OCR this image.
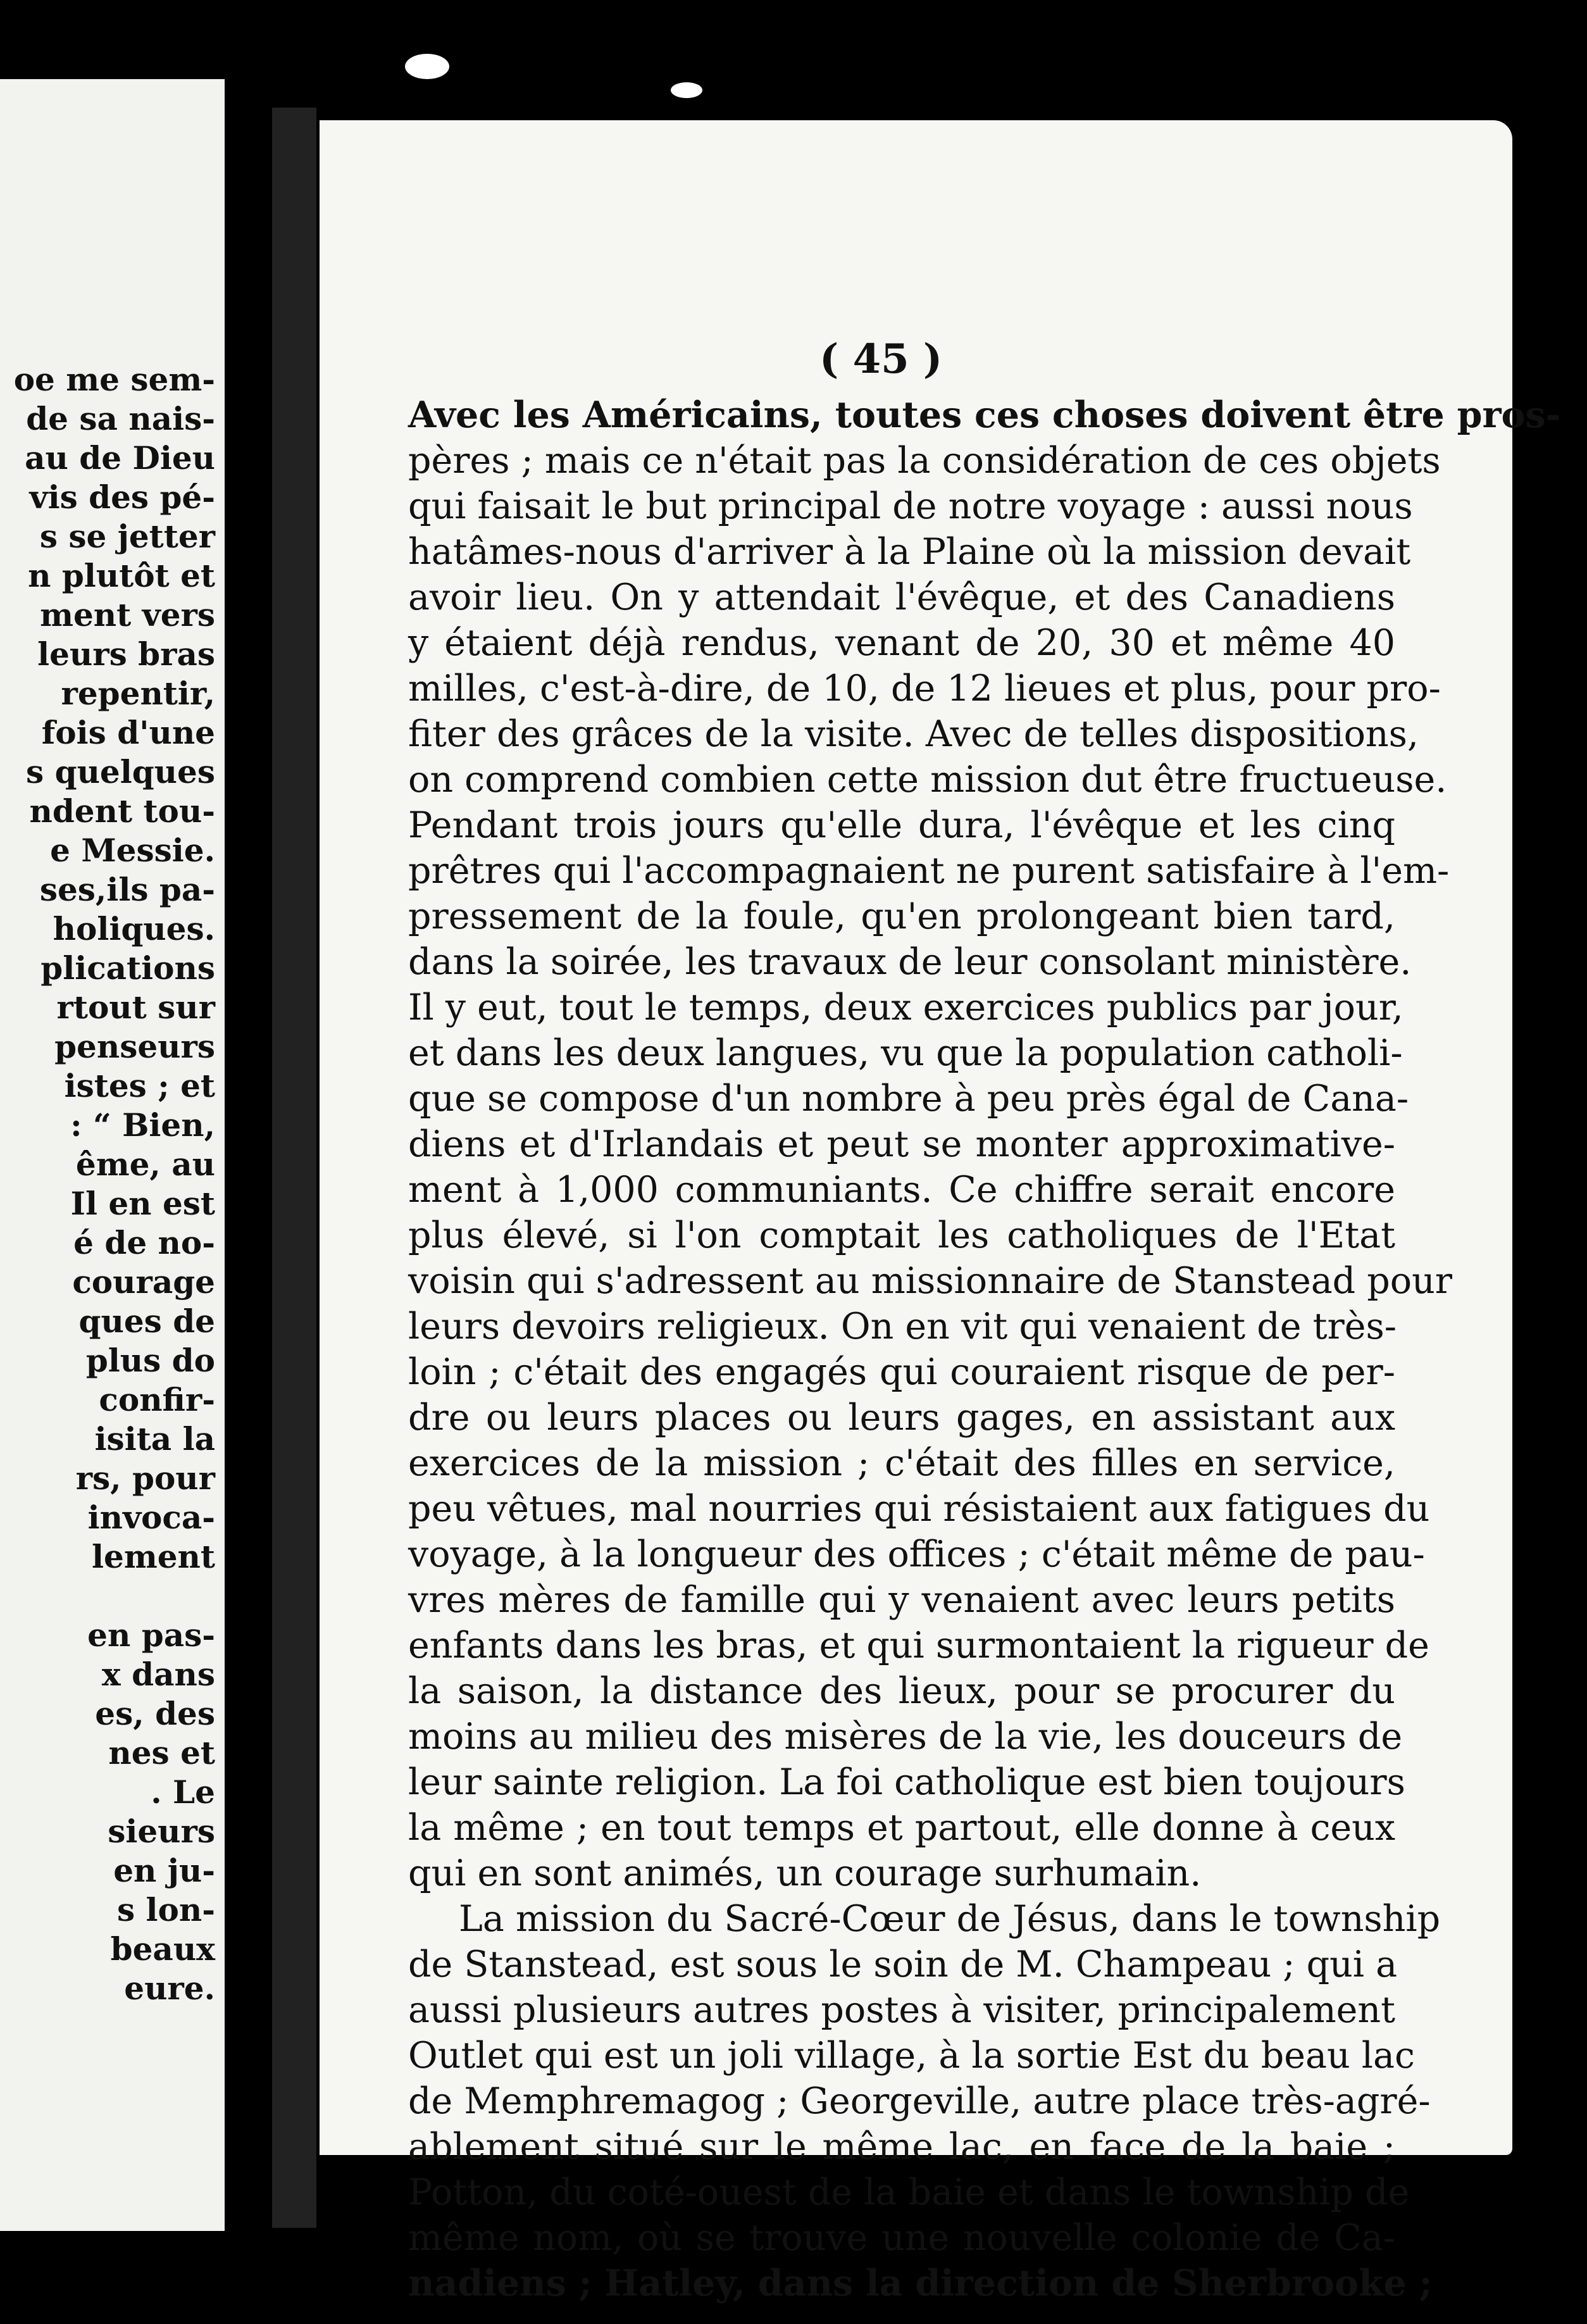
oe me sem-
de sa nais-
au de Dieu
vis des pé-
s se jetter
n plutôt et
ment vers
leurs bras
repentir,
fois d'une
s quelques
ndent tou-
e Messie.
ses,ils pa-
holiques.
plications
rtout sur
penseurs
istes ; et
: “ Bien,
ême, au
Il en est
é de no-
courage
ques de
plus do
confir-
isita la
rs, pour
invoca-
lement
en pas-
x dans
es, des
nes et
. Le
sieurs
en ju-
s lon-
beaux
eure.
( 45 )
Avec les Américains, toutes ces choses doivent être pros-
pères ; mais ce n'était pas la considération de ces objets
qui faisait le but principal de notre voyage : aussi nous
hatâmes-nous d'arriver à la Plaine où la mission devait
avoir lieu. On y attendait l'évêque, et des Canadiens
y étaient déjà rendus, venant de 20, 30 et même 40
milles, c'est-à-dire, de 10, de 12 lieues et plus, pour pro-
fiter des grâces de la visite. Avec de telles dispositions,
on comprend combien cette mission dut être fructueuse.
Pendant trois jours qu'elle dura, l'évêque et les cinq
prêtres qui l'accompagnaient ne purent satisfaire à l'em-
pressement de la foule, qu'en prolongeant bien tard,
dans la soirée, les travaux de leur consolant ministère.
Il y eut, tout le temps, deux exercices publics par jour,
et dans les deux langues, vu que la population catholi-
que se compose d'un nombre à peu près égal de Cana-
diens et d'Irlandais et peut se monter approximative-
ment à 1,000 communiants. Ce chiffre serait encore
plus élevé, si l'on comptait les catholiques de l'Etat
voisin qui s'adressent au missionnaire de Stanstead pour
leurs devoirs religieux. On en vit qui venaient de très-
loin ; c'était des engagés qui couraient risque de per-
dre ou leurs places ou leurs gages, en assistant aux
exercices de la mission ; c'était des filles en service,
peu vêtues, mal nourries qui résistaient aux fatigues du
voyage, à la longueur des offices ; c'était même de pau-
vres mères de famille qui y venaient avec leurs petits
enfants dans les bras, et qui surmontaient la rigueur de
la saison, la distance des lieux, pour se procurer du
moins au milieu des misères de la vie, les douceurs de
leur sainte religion. La foi catholique est bien toujours
la même ; en tout temps et partout, elle donne à ceux
qui en sont animés, un courage surhumain.
La mission du Sacré-Cœur de Jésus, dans le township
de Stanstead, est sous le soin de M. Champeau ; qui a
aussi plusieurs autres postes à visiter, principalement
Outlet qui est un joli village, à la sortie Est du beau lac
de Memphremagog ; Georgeville, autre place très-agré-
ablement situé sur le même lac, en face de la baie ;
Potton, du coté-ouest de la baie et dans le township de
même nom, où se trouve une nouvelle colonie de Ca-
nadiens ; Hatley, dans la direction de Sherbrooke ;
